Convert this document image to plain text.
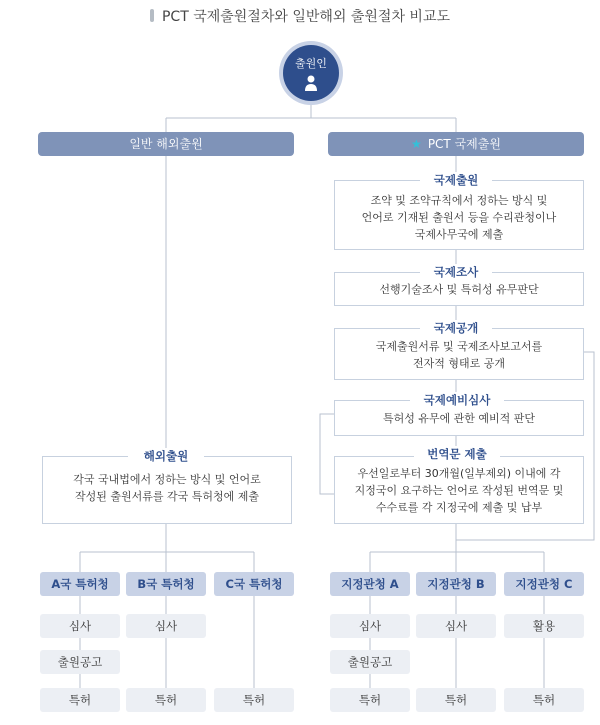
PCT 국제출원절차와 일반해외 출원절차 비교도
출원인
일반 해외출원	★ PCT 국제출원
각국 국내법에서 정하는 방식 및 언어로
작성된 출원서류를 각국 특허청에 제출
해외출원
조약 및 조약규칙에서 정하는 방식 및
언어로 기재된 출원서 등을 수리관청이나
국제사무국에 제출
국제출원
선행기술조사 및 특허성 유무판단
국제조사
국제출원서류 및 국제조사보고서를
전자적 형태로 공개
국제공개
특허성 유무에 관한 예비적 판단
국제예비심사
우선일로부터 30개월(일부제외) 이내에 각
지정국이 요구하는 언어로 작성된 번역문 및
수수료를 각 지정국에 제출 및 납부
번역문 제출
A국 특허청	B국 특허청	C국 특허청
심사
출원공고
특허
심사
특허	특허
지정관청 A	지정관청 B	지정관청 C
심사
출원공고
특허
심사
특허
활용
특허
